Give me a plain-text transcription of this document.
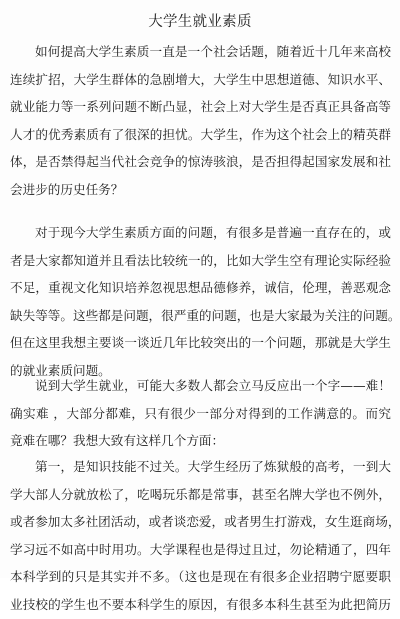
大学生就业素质
如何提高大学生素质一直是一个社会话题，随着近十几年来高校
连续扩招，大学生群体的急剧增大，大学生中思想道德、知识水平、
就业能力等一系列问题不断凸显，社会上对大学生是否真正具备高等
人才的优秀素质有了很深的担忧。大学生，作为这个社会上的精英群
体，是否禁得起当代社会竞争的惊涛骇浪，是否担得起国家发展和社
会进步的历史任务？
对于现今大学生素质方面的问题，有很多是普遍一直存在的，或
者是大家都知道并且看法比较统一的，比如大学生空有理论实际经验
不足，重视文化知识培养忽视思想品德修养，诚信，伦理，善恶观念
缺失等等。这些都是问题，很严重的问题，也是大家最为关注的问题。
但在这里我想主要谈一谈近几年比较突出的一个问题，那就是大学生
的就业素质问题。
说到大学生就业，可能大多数人都会立马反应出一个字——难！
确实难 ，大部分都难，只有很少一部分对得到的工作满意的。而究
竟难在哪？我想大致有这样几个方面：
第一，是知识技能不过关。大学生经历了炼狱般的高考，一到大
学大部人分就放松了，吃喝玩乐都是常事，甚至名牌大学也不例外，
或者参加太多社团活动，或者谈恋爱，或者男生打游戏，女生逛商场，
学习远不如高中时用功。大学课程也是得过且过，勿论精通了，四年
本科学到的只是其实并不多。（这也是现在有很多企业招聘宁愿要职
业技校的学生也不要本科学生的原因，有很多本科生甚至为此把简历
